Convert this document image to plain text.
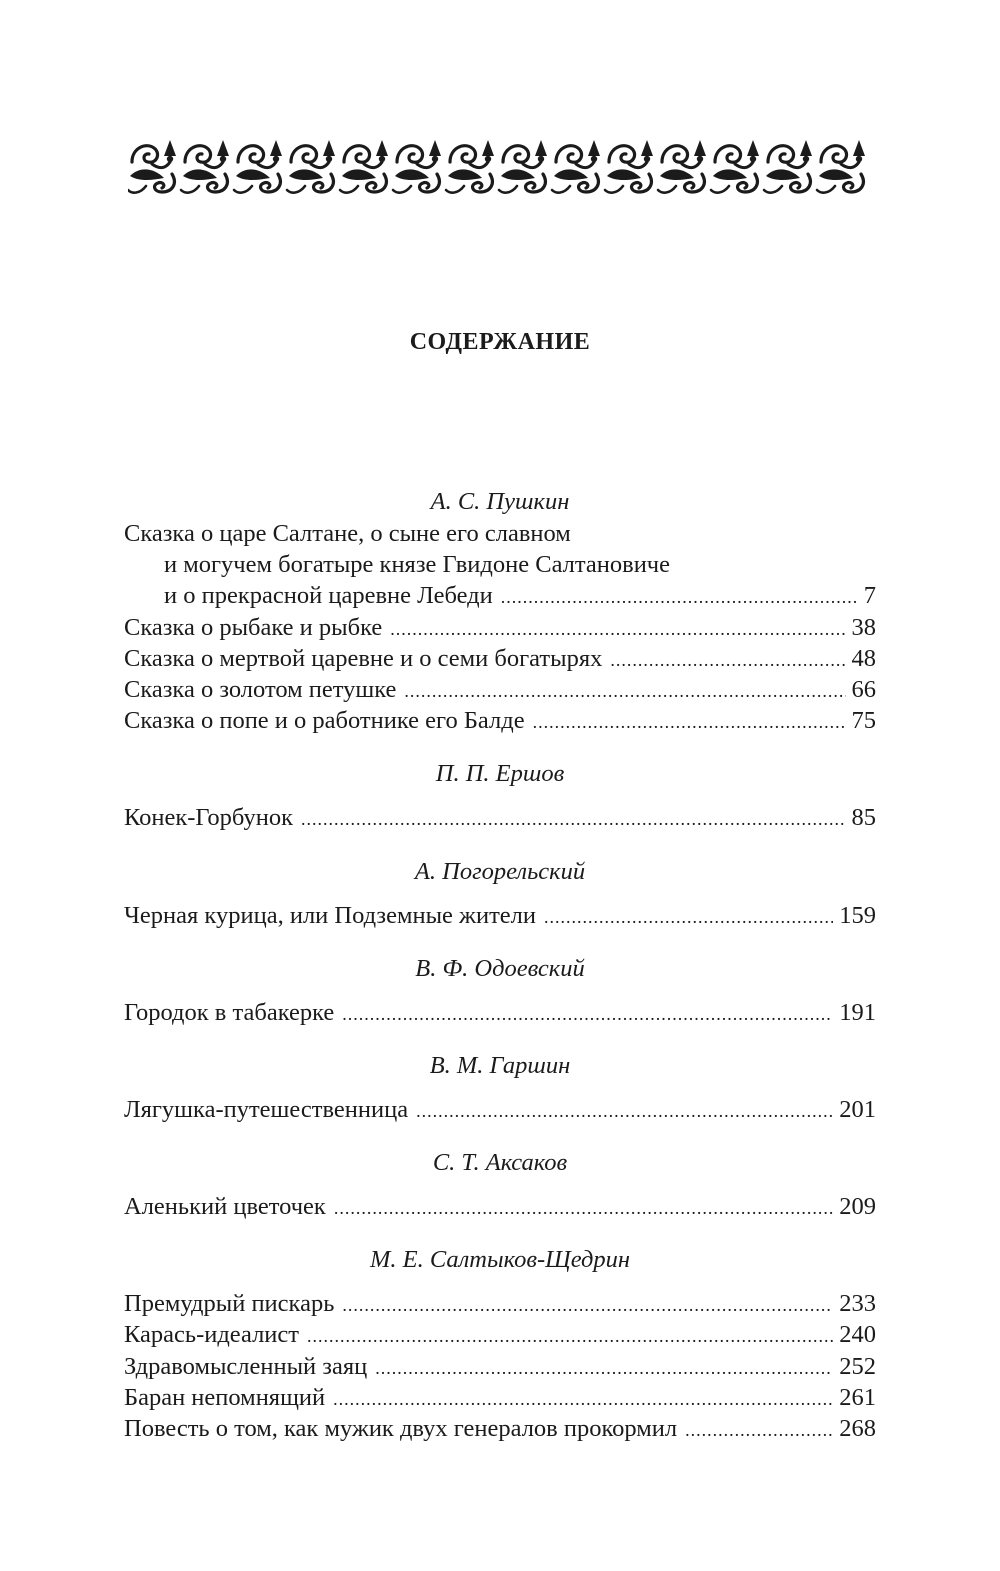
СОДЕРЖАНИЕ
А. С. Пушкин
Сказка о царе Салтане, о сыне его славном
и могучем богатыре князе Гвидоне Салтановиче
и о прекрасной царевне Лебеди .....	7
Сказка о рыбаке и рыбке .....	38
Сказка о мертвой царевне и о семи богатырях .....	48
Сказка о золотом петушке .....	66
Сказка о попе и о работнике его Балде .....	75
П. П. Ершов
Конек-Горбунок .....	85
А. Погорельский
Черная курица, или Подземные жители .....	159
В. Ф. Одоевский
Городок в табакерке .....	191
В. М. Гаршин
Лягушка-путешественница .....	201
С. Т. Аксаков
Аленький цветочек .....	209
М. Е. Салтыков-Щедрин
Премудрый пискарь .....	233
Карась-идеалист .....	240
Здравомысленный заяц .....	252
Баран непомнящий .....	261
Повесть о том, как мужик двух генералов прокормил .....	268
